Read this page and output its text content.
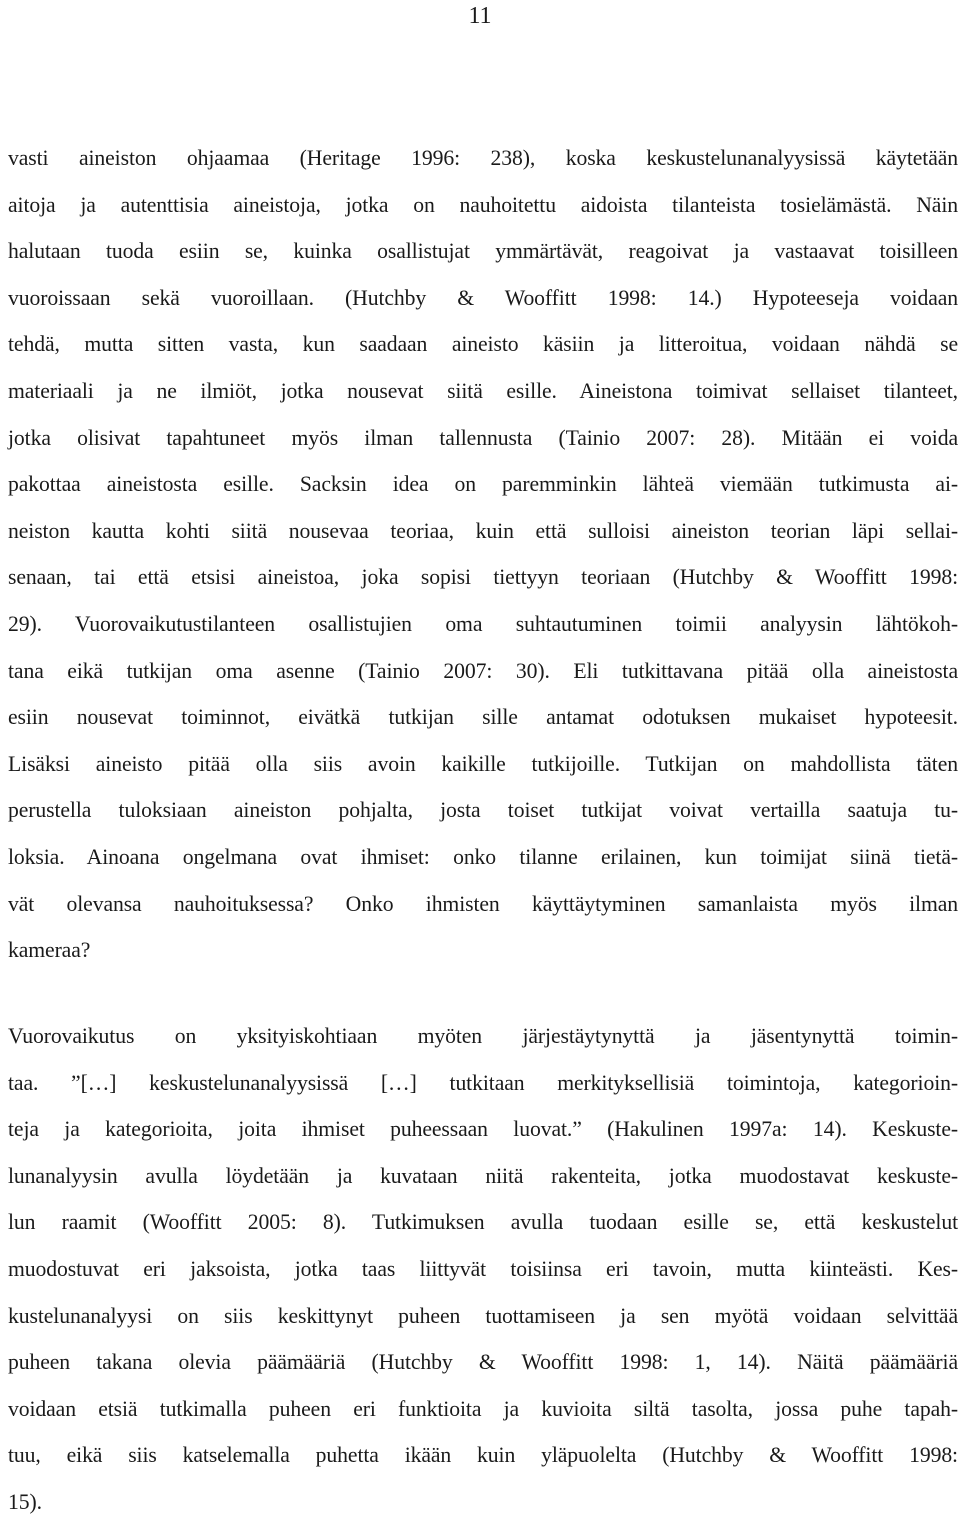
11

vasti aineiston ohjaamaa (Heritage 1996: 238), koska keskustelunanalyysissä käytetään
aitoja ja autenttisia aineistoja, jotka on nauhoitettu aidoista tilanteista tosielämästä. Näin
halutaan tuoda esiin se, kuinka osallistujat ymmärtävät, reagoivat ja vastaavat toisilleen
vuoroissaan sekä vuoroillaan. (Hutchby & Wooffitt 1998: 14.) Hypoteeseja voidaan
tehdä, mutta sitten vasta, kun saadaan aineisto käsiin ja litteroitua, voidaan nähdä se
materiaali ja ne ilmiöt, jotka nousevat siitä esille. Aineistona toimivat sellaiset tilanteet,
jotka olisivat tapahtuneet myös ilman tallennusta (Tainio 2007: 28). Mitään ei voida
pakottaa aineistosta esille. Sacksin idea on paremminkin lähteä viemään tutkimusta ai-
neiston kautta kohti siitä nousevaa teoriaa, kuin että sulloisi aineiston teorian läpi sellai-
senaan, tai että etsisi aineistoa, joka sopisi tiettyyn teoriaan (Hutchby & Wooffitt 1998:
29). Vuorovaikutustilanteen osallistujien oma suhtautuminen toimii analyysin lähtökoh-
tana eikä tutkijan oma asenne (Tainio 2007: 30). Eli tutkittavana pitää olla aineistosta
esiin nousevat toiminnot, eivätkä tutkijan sille antamat odotuksen mukaiset hypoteesit.
Lisäksi aineisto pitää olla siis avoin kaikille tutkijoille. Tutkijan on mahdollista täten
perustella tuloksiaan aineiston pohjalta, josta toiset tutkijat voivat vertailla saatuja tu-
loksia. Ainoana ongelmana ovat ihmiset: onko tilanne erilainen, kun toimijat siinä tietä-
vät olevansa nauhoituksessa? Onko ihmisten käyttäytyminen samanlaista myös ilman
kameraa?

Vuorovaikutus on yksityiskohtiaan myöten järjestäytynyttä ja jäsentynyttä toimin-
taa. ”[…] keskustelunanalyysissä […] tutkitaan merkityksellisiä toimintoja, kategorioin-
teja ja kategorioita, joita ihmiset puheessaan luovat.” (Hakulinen 1997a: 14). Keskuste-
lunanalyysin avulla löydetään ja kuvataan niitä rakenteita, jotka muodostavat keskuste-
lun raamit (Wooffitt 2005: 8). Tutkimuksen avulla tuodaan esille se, että keskustelut
muodostuvat eri jaksoista, jotka taas liittyvät toisiinsa eri tavoin, mutta kiinteästi. Kes-
kustelunanalyysi on siis keskittynyt puheen tuottamiseen ja sen myötä voidaan selvittää
puheen takana olevia päämääriä (Hutchby & Wooffitt 1998: 1, 14). Näitä päämääriä
voidaan etsiä tutkimalla puheen eri funktioita ja kuvioita siltä tasolta, jossa puhe tapah-
tuu, eikä siis katselemalla puhetta ikään kuin yläpuolelta (Hutchby & Wooffitt 1998:
15).
